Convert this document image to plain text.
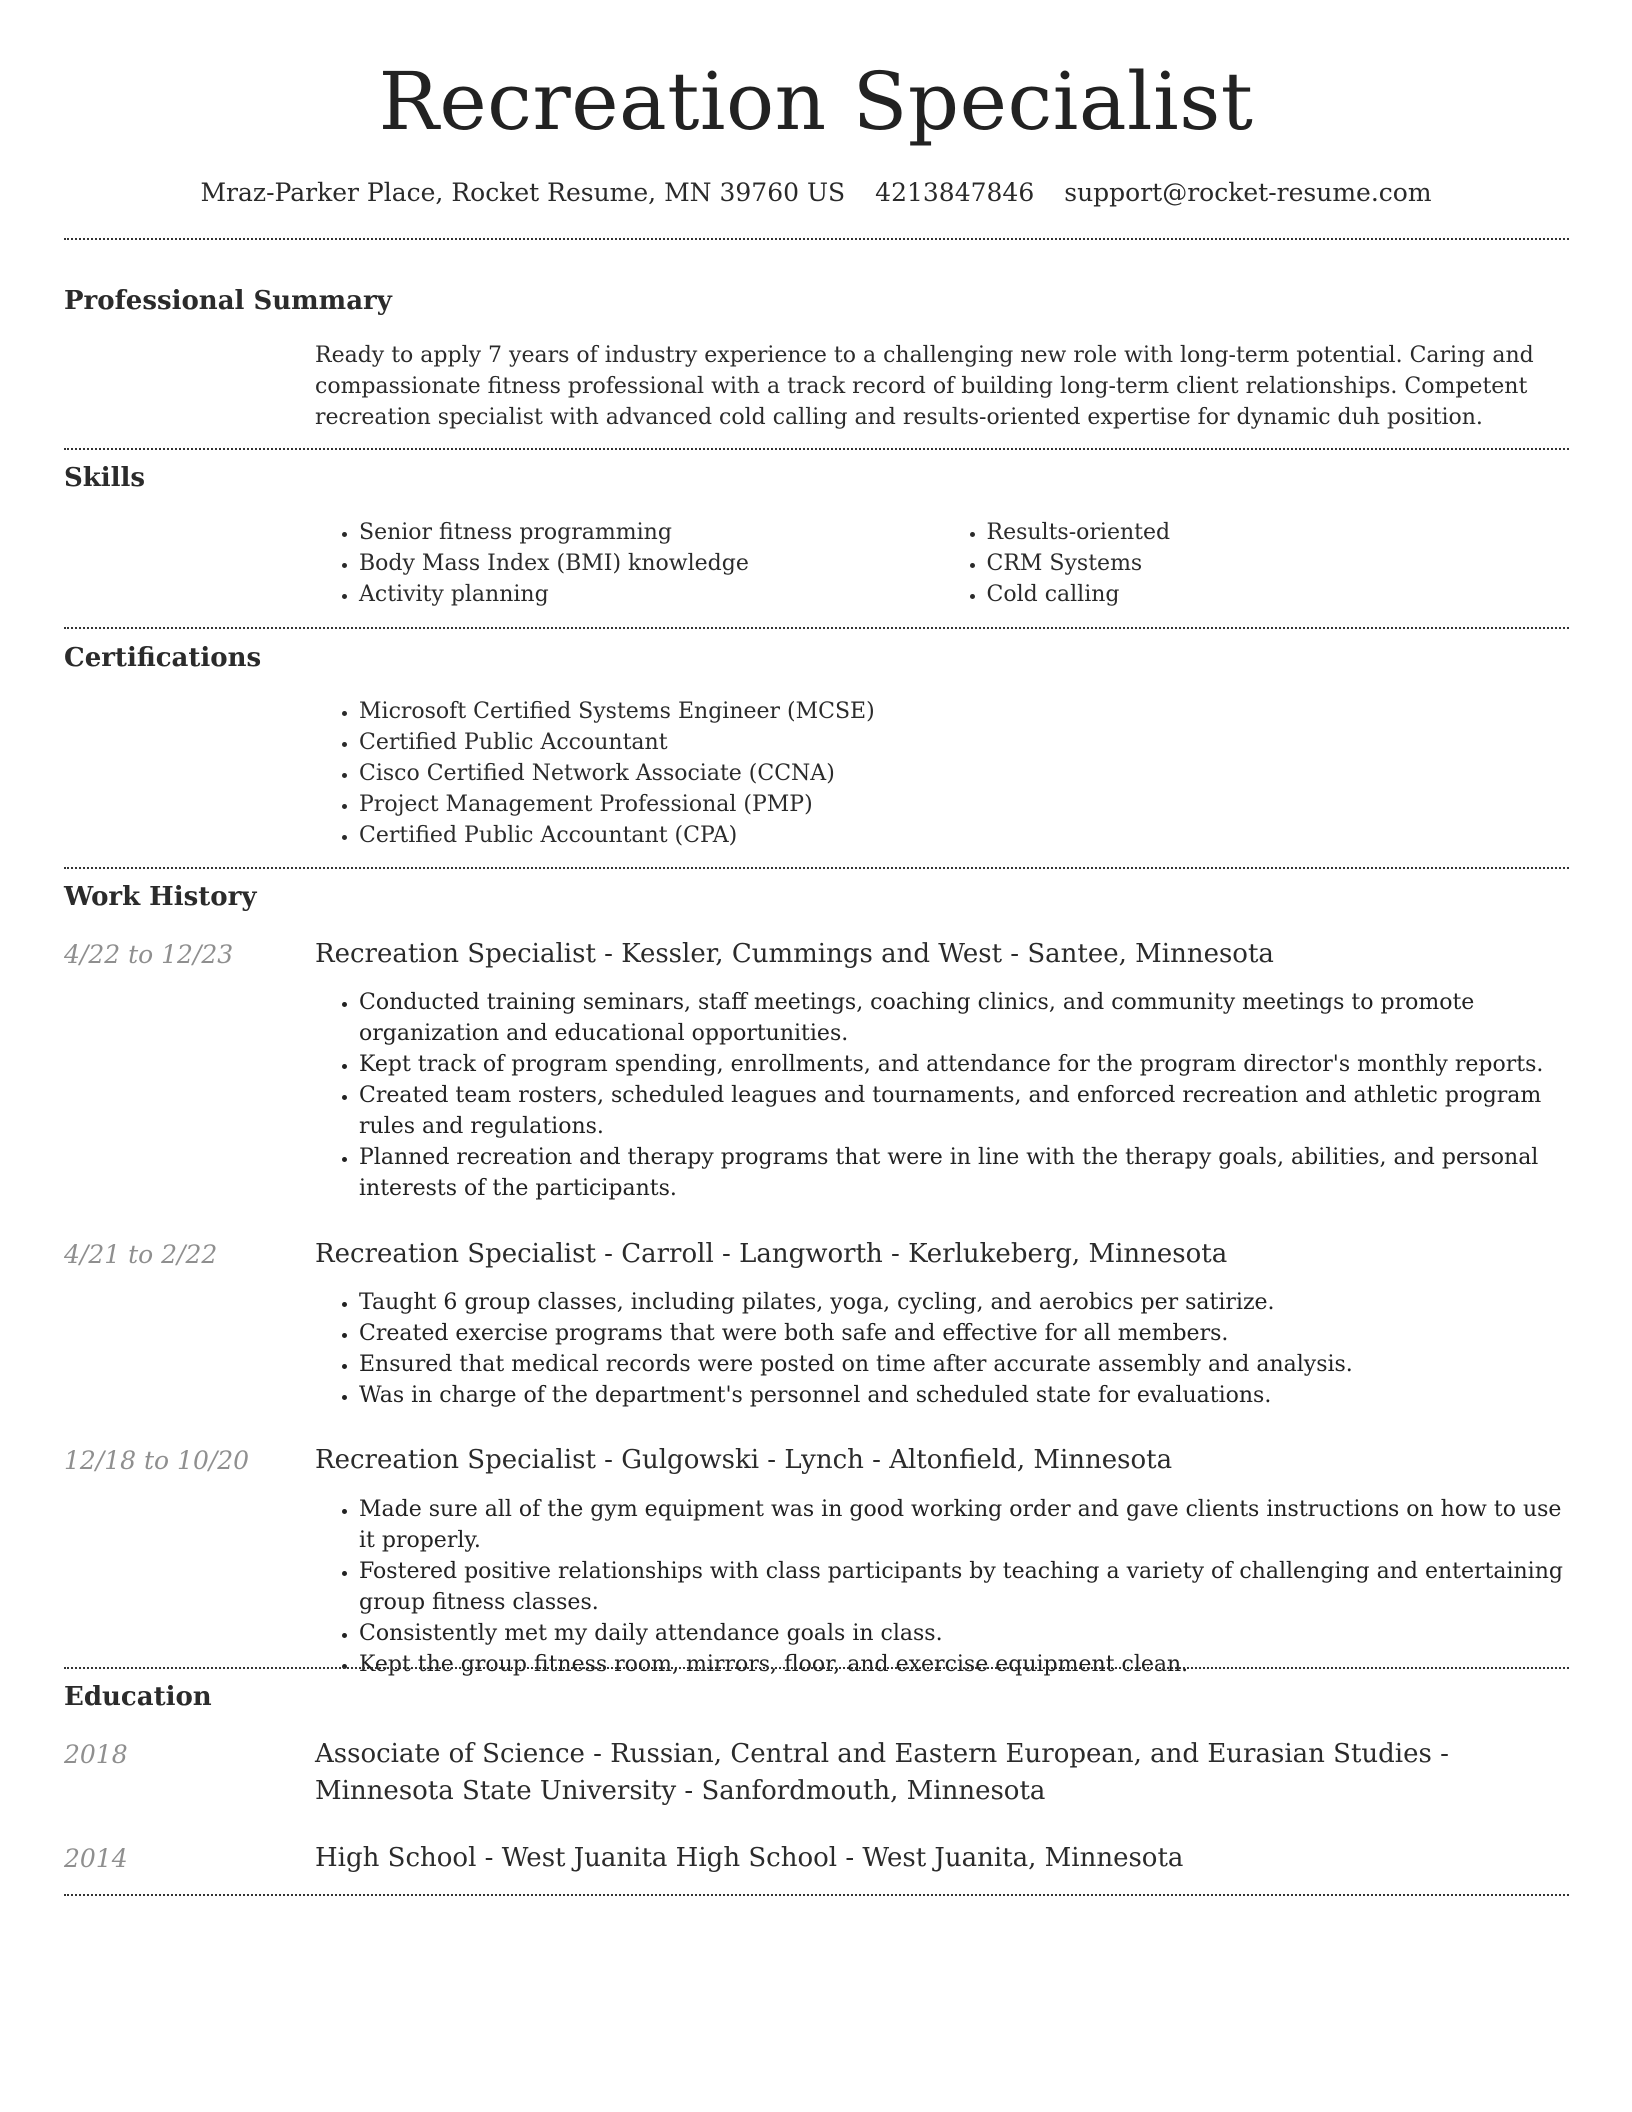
Recreation Specialist
Mraz-Parker Place, Rocket Resume, MN 39760 US 4213847846 support@rocket-resume.com
Professional Summary

Ready to apply 7 years of industry experience to a challenging new role with long-term potential. Caring and compassionate fitness professional with a track record of building long-term client relationships. Competent recreation specialist with advanced cold calling and results-oriented expertise for dynamic duh position.

Skills
• Senior fitness programming
• Body Mass Index (BMI) knowledge
• Activity planning
• Results-oriented
• CRM Systems
• Cold calling
Certifications
• Microsoft Certified Systems Engineer (MCSE)
• Certified Public Accountant
• Cisco Certified Network Associate (CCNA)
• Project Management Professional (PMP)
• Certified Public Accountant (CPA)
Work History
4/22 to 12/23	Recreation Specialist - Kessler, Cummings and West - Santee, Minnesota
• Conducted training seminars, staff meetings, coaching clinics, and community meetings to promote organization and educational opportunities.
• Kept track of program spending, enrollments, and attendance for the program director's monthly reports.
• Created team rosters, scheduled leagues and tournaments, and enforced recreation and athletic program rules and regulations.
• Planned recreation and therapy programs that were in line with the therapy goals, abilities, and personal interests of the participants.
4/21 to 2/22	Recreation Specialist - Carroll - Langworth - Kerlukeberg, Minnesota
• Taught 6 group classes, including pilates, yoga, cycling, and aerobics per satirize.
• Created exercise programs that were both safe and effective for all members.
• Ensured that medical records were posted on time after accurate assembly and analysis.
• Was in charge of the department's personnel and scheduled state for evaluations.
12/18 to 10/20	Recreation Specialist - Gulgowski - Lynch - Altonfield, Minnesota
• Made sure all of the gym equipment was in good working order and gave clients instructions on how to use it properly.
• Fostered positive relationships with class participants by teaching a variety of challenging and entertaining group fitness classes.
• Consistently met my daily attendance goals in class.
• Kept the group fitness room, mirrors, floor, and exercise equipment clean.
Education
2018	Associate of Science - Russian, Central and Eastern European, and Eurasian Studies - Minnesota State University - Sanfordmouth, Minnesota
2014	High School - West Juanita High School - West Juanita, Minnesota
